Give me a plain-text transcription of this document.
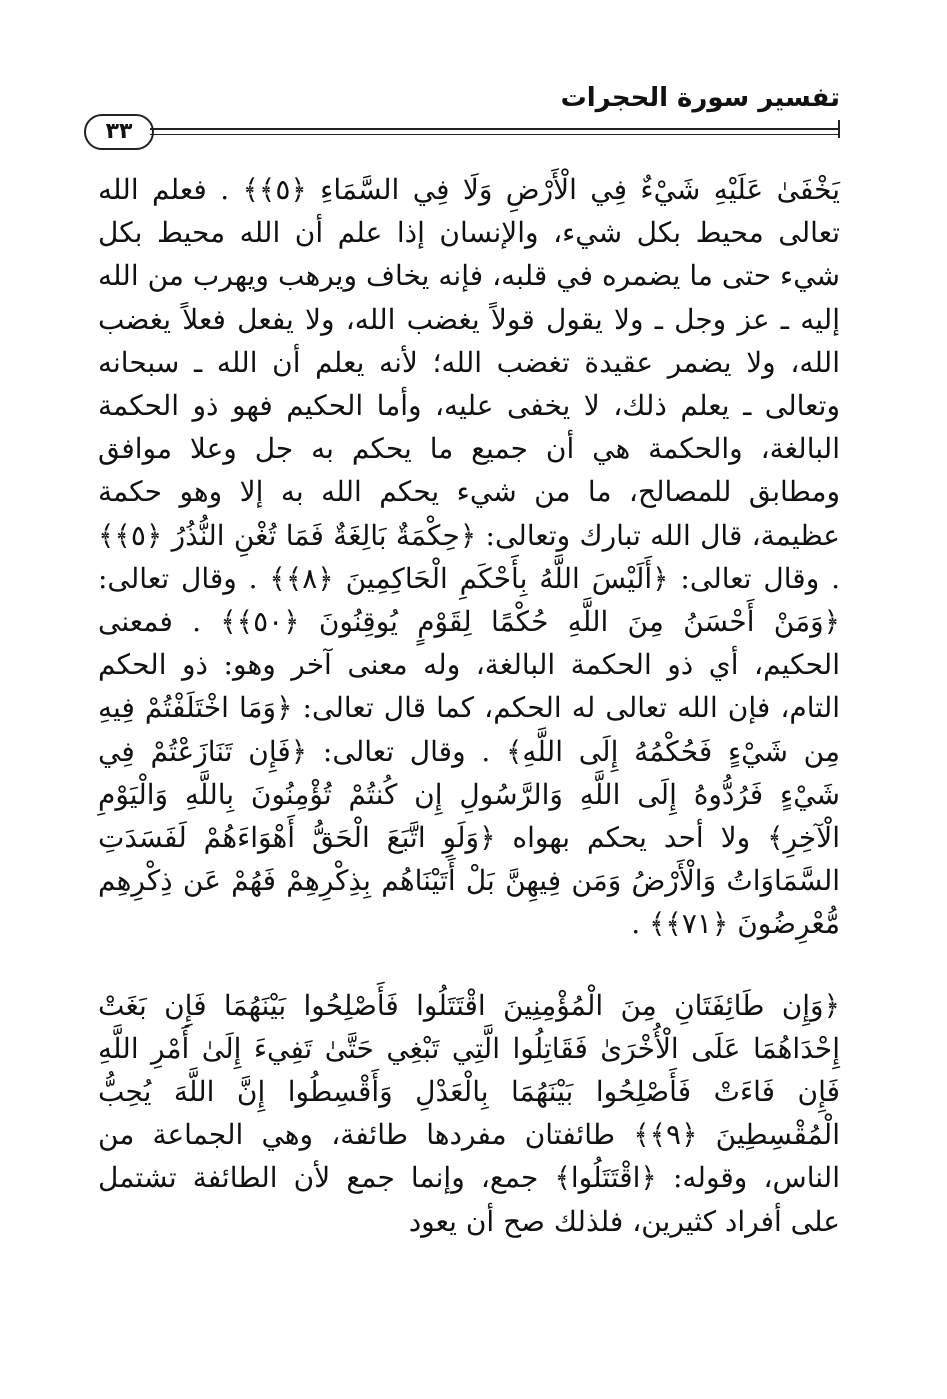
تفسير سورة الحجرات
٣٣

يَخْفَىٰ عَلَيْهِ شَيْءٌ فِي الْأَرْضِ وَلَا فِي السَّمَاءِ ﴿٥﴾﴾ . فعلم الله تعالى محيط بكل شيء، والإنسان إذا علم أن الله محيط بكل شيء حتى ما يضمره في قلبه، فإنه يخاف ويرهب ويهرب من الله إليه ـ عز وجل ـ ولا يقول قولاً يغضب الله، ولا يفعل فعلاً يغضب الله، ولا يضمر عقيدة تغضب الله؛ لأنه يعلم أن الله ـ سبحانه وتعالى ـ يعلم ذلك، لا يخفى عليه، وأما الحكيم فهو ذو الحكمة البالغة، والحكمة هي أن جميع ما يحكم به جل وعلا موافق ومطابق للمصالح، ما من شيء يحكم الله به إلا وهو حكمة عظيمة، قال الله تبارك وتعالى: ﴿حِكْمَةٌ بَالِغَةٌ فَمَا تُغْنِ النُّذُرُ ﴿٥﴾﴾ . وقال تعالى: ﴿أَلَيْسَ اللَّهُ بِأَحْكَمِ الْحَاكِمِينَ ﴿٨﴾﴾ . وقال تعالى: ﴿وَمَنْ أَحْسَنُ مِنَ اللَّهِ حُكْمًا لِقَوْمٍ يُوقِنُونَ ﴿٥٠﴾﴾ . فمعنى الحكيم، أي ذو الحكمة البالغة، وله معنى آخر وهو: ذو الحكم التام، فإن الله تعالى له الحكم، كما قال تعالى: ﴿وَمَا اخْتَلَفْتُمْ فِيهِ مِن شَيْءٍ فَحُكْمُهُ إِلَى اللَّهِ﴾ . وقال تعالى: ﴿فَإِن تَنَازَعْتُمْ فِي شَيْءٍ فَرُدُّوهُ إِلَى اللَّهِ وَالرَّسُولِ إِن كُنتُمْ تُؤْمِنُونَ بِاللَّهِ وَالْيَوْمِ الْآخِرِ﴾ ولا أحد يحكم بهواه ﴿وَلَوِ اتَّبَعَ الْحَقُّ أَهْوَاءَهُمْ لَفَسَدَتِ السَّمَاوَاتُ وَالْأَرْضُ وَمَن فِيهِنَّ بَلْ أَتَيْنَاهُم بِذِكْرِهِمْ فَهُمْ عَن ذِكْرِهِم مُّعْرِضُونَ ﴿٧١﴾﴾ .

﴿وَإِن طَائِفَتَانِ مِنَ الْمُؤْمِنِينَ اقْتَتَلُوا فَأَصْلِحُوا بَيْنَهُمَا فَإِن بَغَتْ إِحْدَاهُمَا عَلَى الْأُخْرَىٰ فَقَاتِلُوا الَّتِي تَبْغِي حَتَّىٰ تَفِيءَ إِلَىٰ أَمْرِ اللَّهِ فَإِن فَاءَتْ فَأَصْلِحُوا بَيْنَهُمَا بِالْعَدْلِ وَأَقْسِطُوا إِنَّ اللَّهَ يُحِبُّ الْمُقْسِطِينَ ﴿٩﴾﴾ طائفتان مفردها طائفة، وهي الجماعة من الناس، وقوله: ﴿اقْتَتَلُوا﴾ جمع، وإنما جمع لأن الطائفة تشتمل على أفراد كثيرين، فلذلك صح أن يعود
